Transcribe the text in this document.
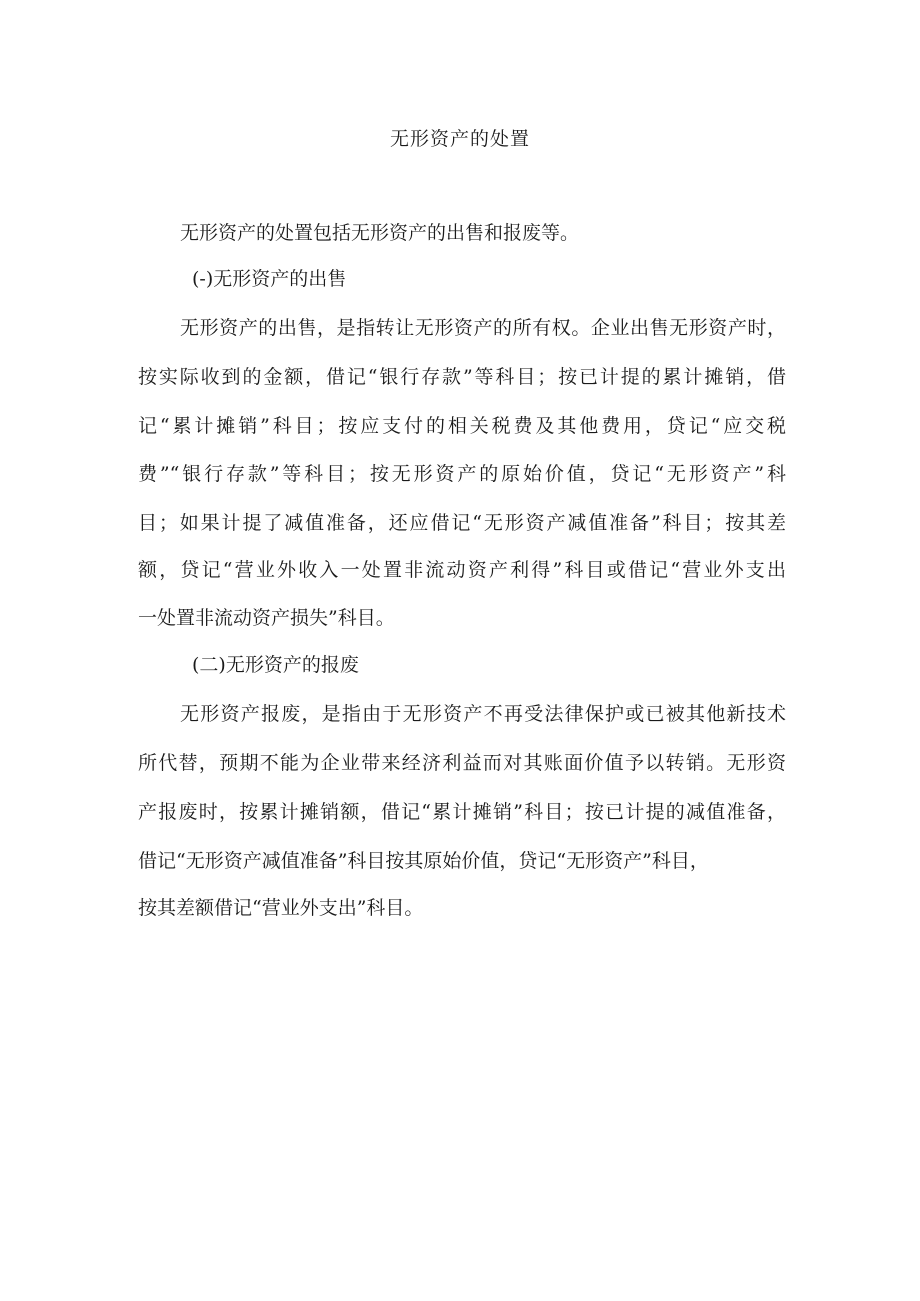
无形资产的处置
无形资产的处置包括无形资产的出售和报废等。
(-)无形资产的出售
无形资产的出售，是指转让无形资产的所有权。企业出售无形资产时，
按实际收到的金额，借记“银行存款”等科目；按已计提的累计摊销，借
记“累计摊销”科目；按应支付的相关税费及其他费用，贷记“应交税
费”“银行存款”等科目；按无形资产的原始价值，贷记“无形资产”科
目；如果计提了减值准备，还应借记“无形资产减值准备”科目；按其差
额，贷记“营业外收入一处置非流动资产利得”科目或借记“营业外支出
一处置非流动资产损失”科目。
(二)无形资产的报废
无形资产报废，是指由于无形资产不再受法律保护或已被其他新技术
所代替，预期不能为企业带来经济利益而对其账面价值予以转销。无形资
产报废时，按累计摊销额，借记“累计摊销”科目；按已计提的减值准备，
借记“无形资产减值准备”科目按其原始价值，贷记“无形资产”科目，
按其差额借记“营业外支出”科目。
